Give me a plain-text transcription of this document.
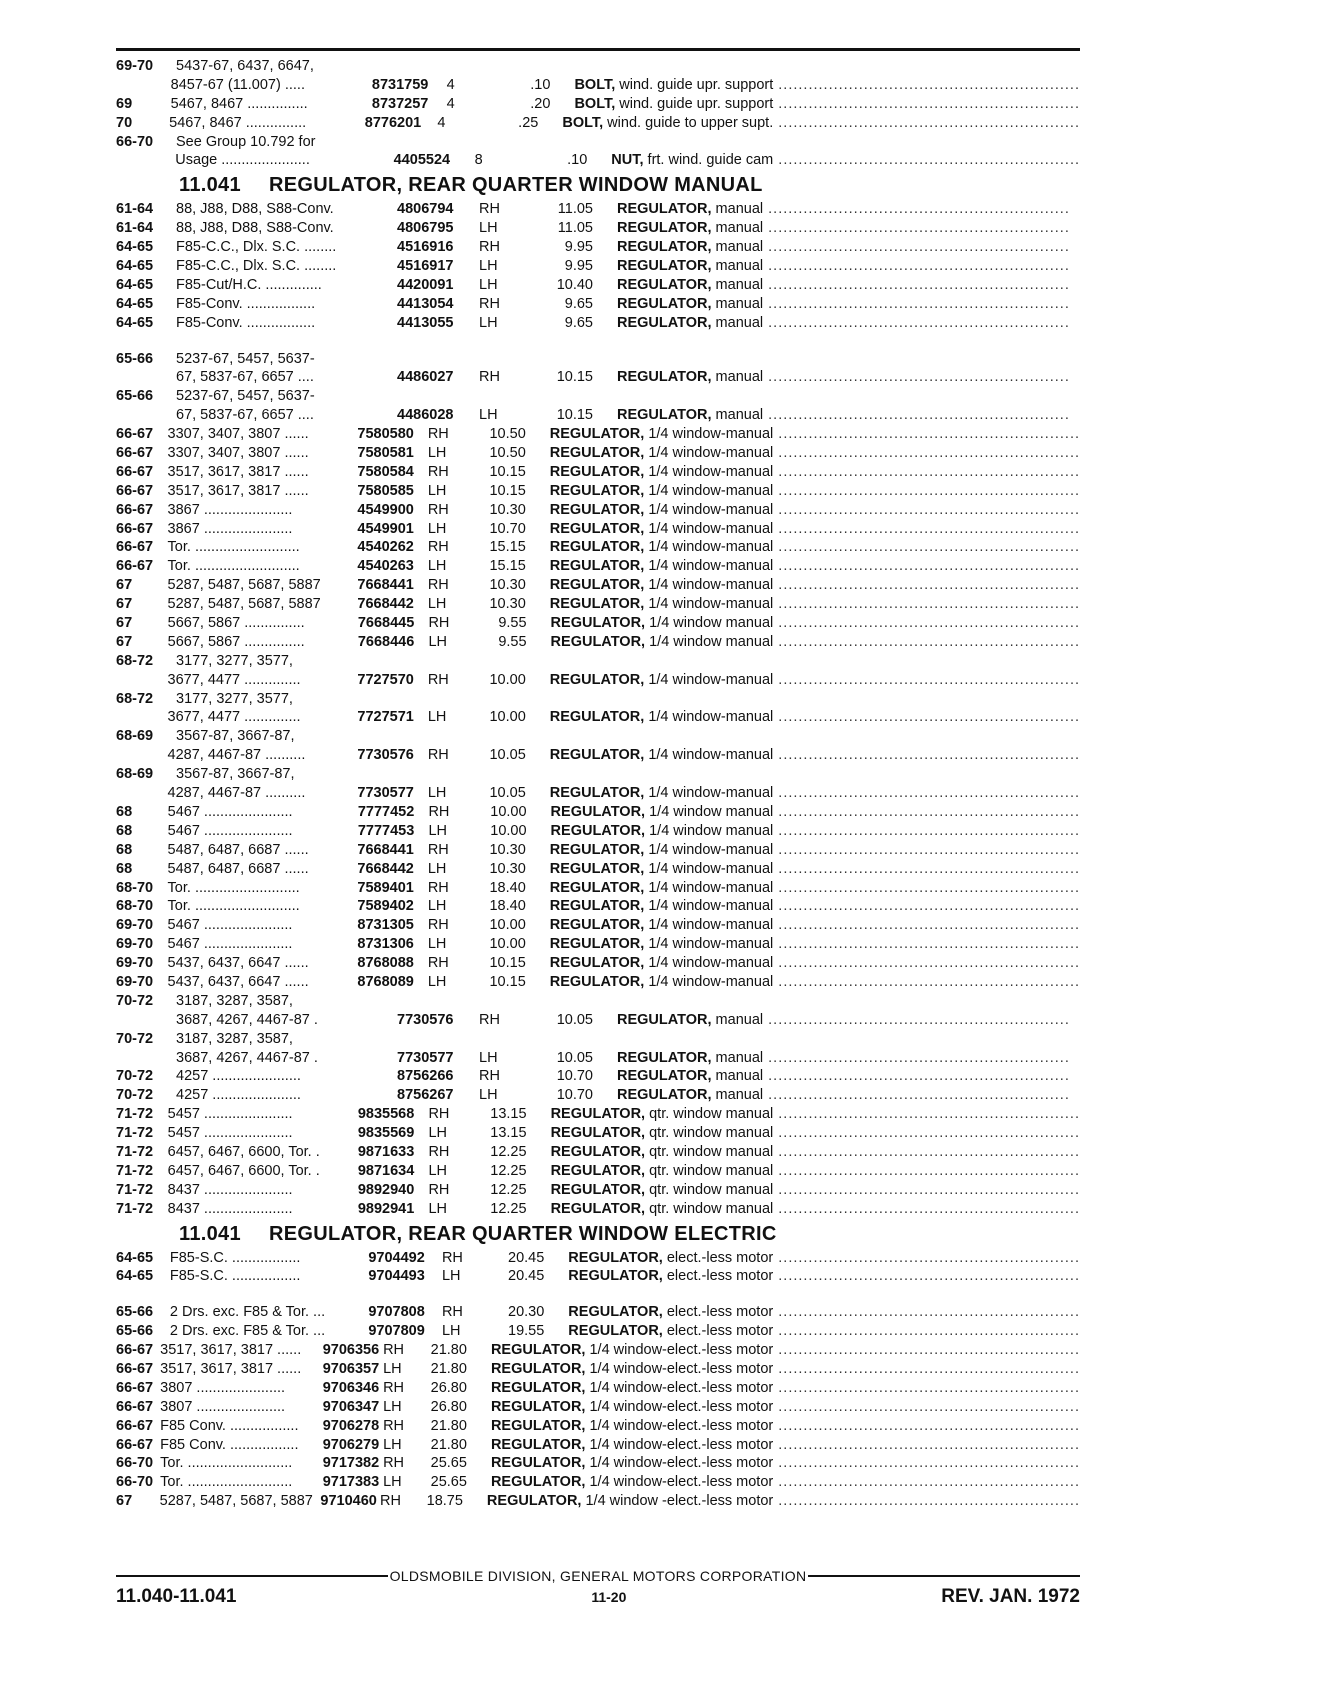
69-70	5437-67, 6437, 6647,
8457-67 (11.007) .....	8731759	4	.10	BOLT, wind. guide upr. support ............................................................
69	5467, 8467 ...............	8737257	4	.20	BOLT, wind. guide upr. support ............................................................
70	5467, 8467 ...............	8776201	4	.25	BOLT, wind. guide to upper supt. ............................................................
66-70	See Group 10.792 for
Usage ......................	4405524	8	.10	NUT, frt. wind. guide cam ............................................................
11.041 REGULATOR, REAR QUARTER WINDOW MANUAL
61-64	88, J88, D88, S88-Conv.	4806794	RH	11.05	REGULATOR, manual ............................................................
61-64	88, J88, D88, S88-Conv.	4806795	LH	11.05	REGULATOR, manual ............................................................
64-65	F85-C.C., Dlx. S.C. ........	4516916	RH	9.95	REGULATOR, manual ............................................................
64-65	F85-C.C., Dlx. S.C. ........	4516917	LH	9.95	REGULATOR, manual ............................................................
64-65	F85-Cut/H.C. ..............	4420091	LH	10.40	REGULATOR, manual ............................................................
64-65	F85-Conv. .................	4413054	RH	9.65	REGULATOR, manual ............................................................
64-65	F85-Conv. .................	4413055	LH	9.65	REGULATOR, manual ............................................................
65-66	5237-67, 5457, 5637-
67, 5837-67, 6657 ....	4486027	RH	10.15	REGULATOR, manual ............................................................
65-66	5237-67, 5457, 5637-
67, 5837-67, 6657 ....	4486028	LH	10.15	REGULATOR, manual ............................................................
66-67 3307, 3407, 3807 ......	7580580 RH	10.50	REGULATOR, 1/4 window-manual ............................................................
66-67 3307, 3407, 3807 ......	7580581 LH	10.50	REGULATOR, 1/4 window-manual ............................................................
66-67 3517, 3617, 3817 ......	7580584 RH	10.15	REGULATOR, 1/4 window-manual ............................................................
66-67 3517, 3617, 3817 ......	7580585 LH	10.15	REGULATOR, 1/4 window-manual ............................................................
66-67 3867 ......................	4549900 RH	10.30	REGULATOR, 1/4 window-manual ............................................................
66-67 3867 ......................	4549901 LH	10.70	REGULATOR, 1/4 window-manual ............................................................
66-67 Tor. ..........................	4540262 RH	15.15	REGULATOR, 1/4 window-manual ............................................................
66-67 Tor. ..........................	4540263 LH	15.15	REGULATOR, 1/4 window-manual ............................................................
67	5287, 5487, 5687, 5887	7668441 RH	10.30	REGULATOR, 1/4 window-manual ............................................................
67	5287, 5487, 5687, 5887	7668442 LH	10.30	REGULATOR, 1/4 window-manual ............................................................
67	5667, 5867 ...............	7668445 RH	9.55	REGULATOR, 1/4 window manual ............................................................
67	5667, 5867 ...............	7668446 LH	9.55	REGULATOR, 1/4 window manual ............................................................
68-72	3177, 3277, 3577,
3677, 4477 ..............	7727570 RH	10.00	REGULATOR, 1/4 window-manual ............................................................
68-72	3177, 3277, 3577,
3677, 4477 ..............	7727571 LH	10.00	REGULATOR, 1/4 window-manual ............................................................
68-69	3567-87, 3667-87,
4287, 4467-87 ..........	7730576 RH	10.05	REGULATOR, 1/4 window-manual ............................................................
68-69	3567-87, 3667-87,
4287, 4467-87 ..........	7730577 LH	10.05	REGULATOR, 1/4 window-manual ............................................................
68	5467 ......................	7777452 RH	10.00	REGULATOR, 1/4 window manual ............................................................
68	5467 ......................	7777453 LH	10.00	REGULATOR, 1/4 window manual ............................................................
68	5487, 6487, 6687 ......	7668441 RH	10.30	REGULATOR, 1/4 window-manual ............................................................
68	5487, 6487, 6687 ......	7668442 LH	10.30	REGULATOR, 1/4 window-manual ............................................................
68-70 Tor. ..........................	7589401 RH	18.40	REGULATOR, 1/4 window-manual ............................................................
68-70 Tor. ..........................	7589402 LH	18.40	REGULATOR, 1/4 window-manual ............................................................
69-70 5467 ......................	8731305 RH	10.00	REGULATOR, 1/4 window-manual ............................................................
69-70 5467 ......................	8731306 LH	10.00	REGULATOR, 1/4 window-manual ............................................................
69-70 5437, 6437, 6647 ......	8768088 RH	10.15	REGULATOR, 1/4 window-manual ............................................................
69-70 5437, 6437, 6647 ......	8768089 LH	10.15	REGULATOR, 1/4 window-manual ............................................................
70-72	3187, 3287, 3587,
3687, 4267, 4467-87 .	7730576	RH	10.05	REGULATOR, manual ............................................................
70-72	3187, 3287, 3587,
3687, 4267, 4467-87 .	7730577	LH	10.05	REGULATOR, manual ............................................................
70-72	4257 ......................	8756266	RH	10.70	REGULATOR, manual ............................................................
70-72	4257 ......................	8756267	LH	10.70	REGULATOR, manual ............................................................
71-72	5457 ......................	9835568 RH	13.15	REGULATOR, qtr. window manual ............................................................
71-72	5457 ......................	9835569 LH	13.15	REGULATOR, qtr. window manual ............................................................
71-72	6457, 6467, 6600, Tor. .	9871633 RH	12.25	REGULATOR, qtr. window manual ............................................................
71-72	6457, 6467, 6600, Tor. .	9871634 LH	12.25	REGULATOR, qtr. window manual ............................................................
71-72	8437 ......................	9892940 RH	12.25	REGULATOR, qtr. window manual ............................................................
71-72	8437 ......................	9892941 LH	12.25	REGULATOR, qtr. window manual ............................................................
11.041 REGULATOR, REAR QUARTER WINDOW ELECTRIC
64-65	F85-S.C. .................	9704492	RH	20.45	REGULATOR, elect.-less motor ............................................................
64-65	F85-S.C. .................	9704493	LH	20.45	REGULATOR, elect.-less motor ............................................................
65-66	2 Drs. exc. F85 & Tor. ...	9707808	RH	20.30	REGULATOR, elect.-less motor ............................................................
65-66	2 Drs. exc. F85 & Tor. ...	9707809	LH	19.55	REGULATOR, elect.-less motor ............................................................
66-67 3517, 3617, 3817 ......	9706356 RH	21.80	REGULATOR, 1/4 window-elect.-less motor ............................................................
66-67 3517, 3617, 3817 ......	9706357 LH	21.80	REGULATOR, 1/4 window-elect.-less motor ............................................................
66-67 3807 ......................	9706346 RH	26.80	REGULATOR, 1/4 window-elect.-less motor ............................................................
66-67 3807 ......................	9706347 LH	26.80	REGULATOR, 1/4 window-elect.-less motor ............................................................
66-67 F85 Conv. .................	9706278 RH	21.80	REGULATOR, 1/4 window-elect.-less motor ............................................................
66-67 F85 Conv. .................	9706279 LH	21.80	REGULATOR, 1/4 window-elect.-less motor ............................................................
66-70 Tor. ..........................	9717382 RH	25.65	REGULATOR, 1/4 window-elect.-less motor ............................................................
66-70 Tor. ..........................	9717383 LH	25.65	REGULATOR, 1/4 window-elect.-less motor ............................................................
67	5287, 5487, 5687, 5887 9710460 RH	18.75	REGULATOR, 1/4 window -elect.-less motor ............................................................
OLDSMOBILE DIVISION, GENERAL MOTORS CORPORATION
11.040-11.041	11-20	REV. JAN. 1972
